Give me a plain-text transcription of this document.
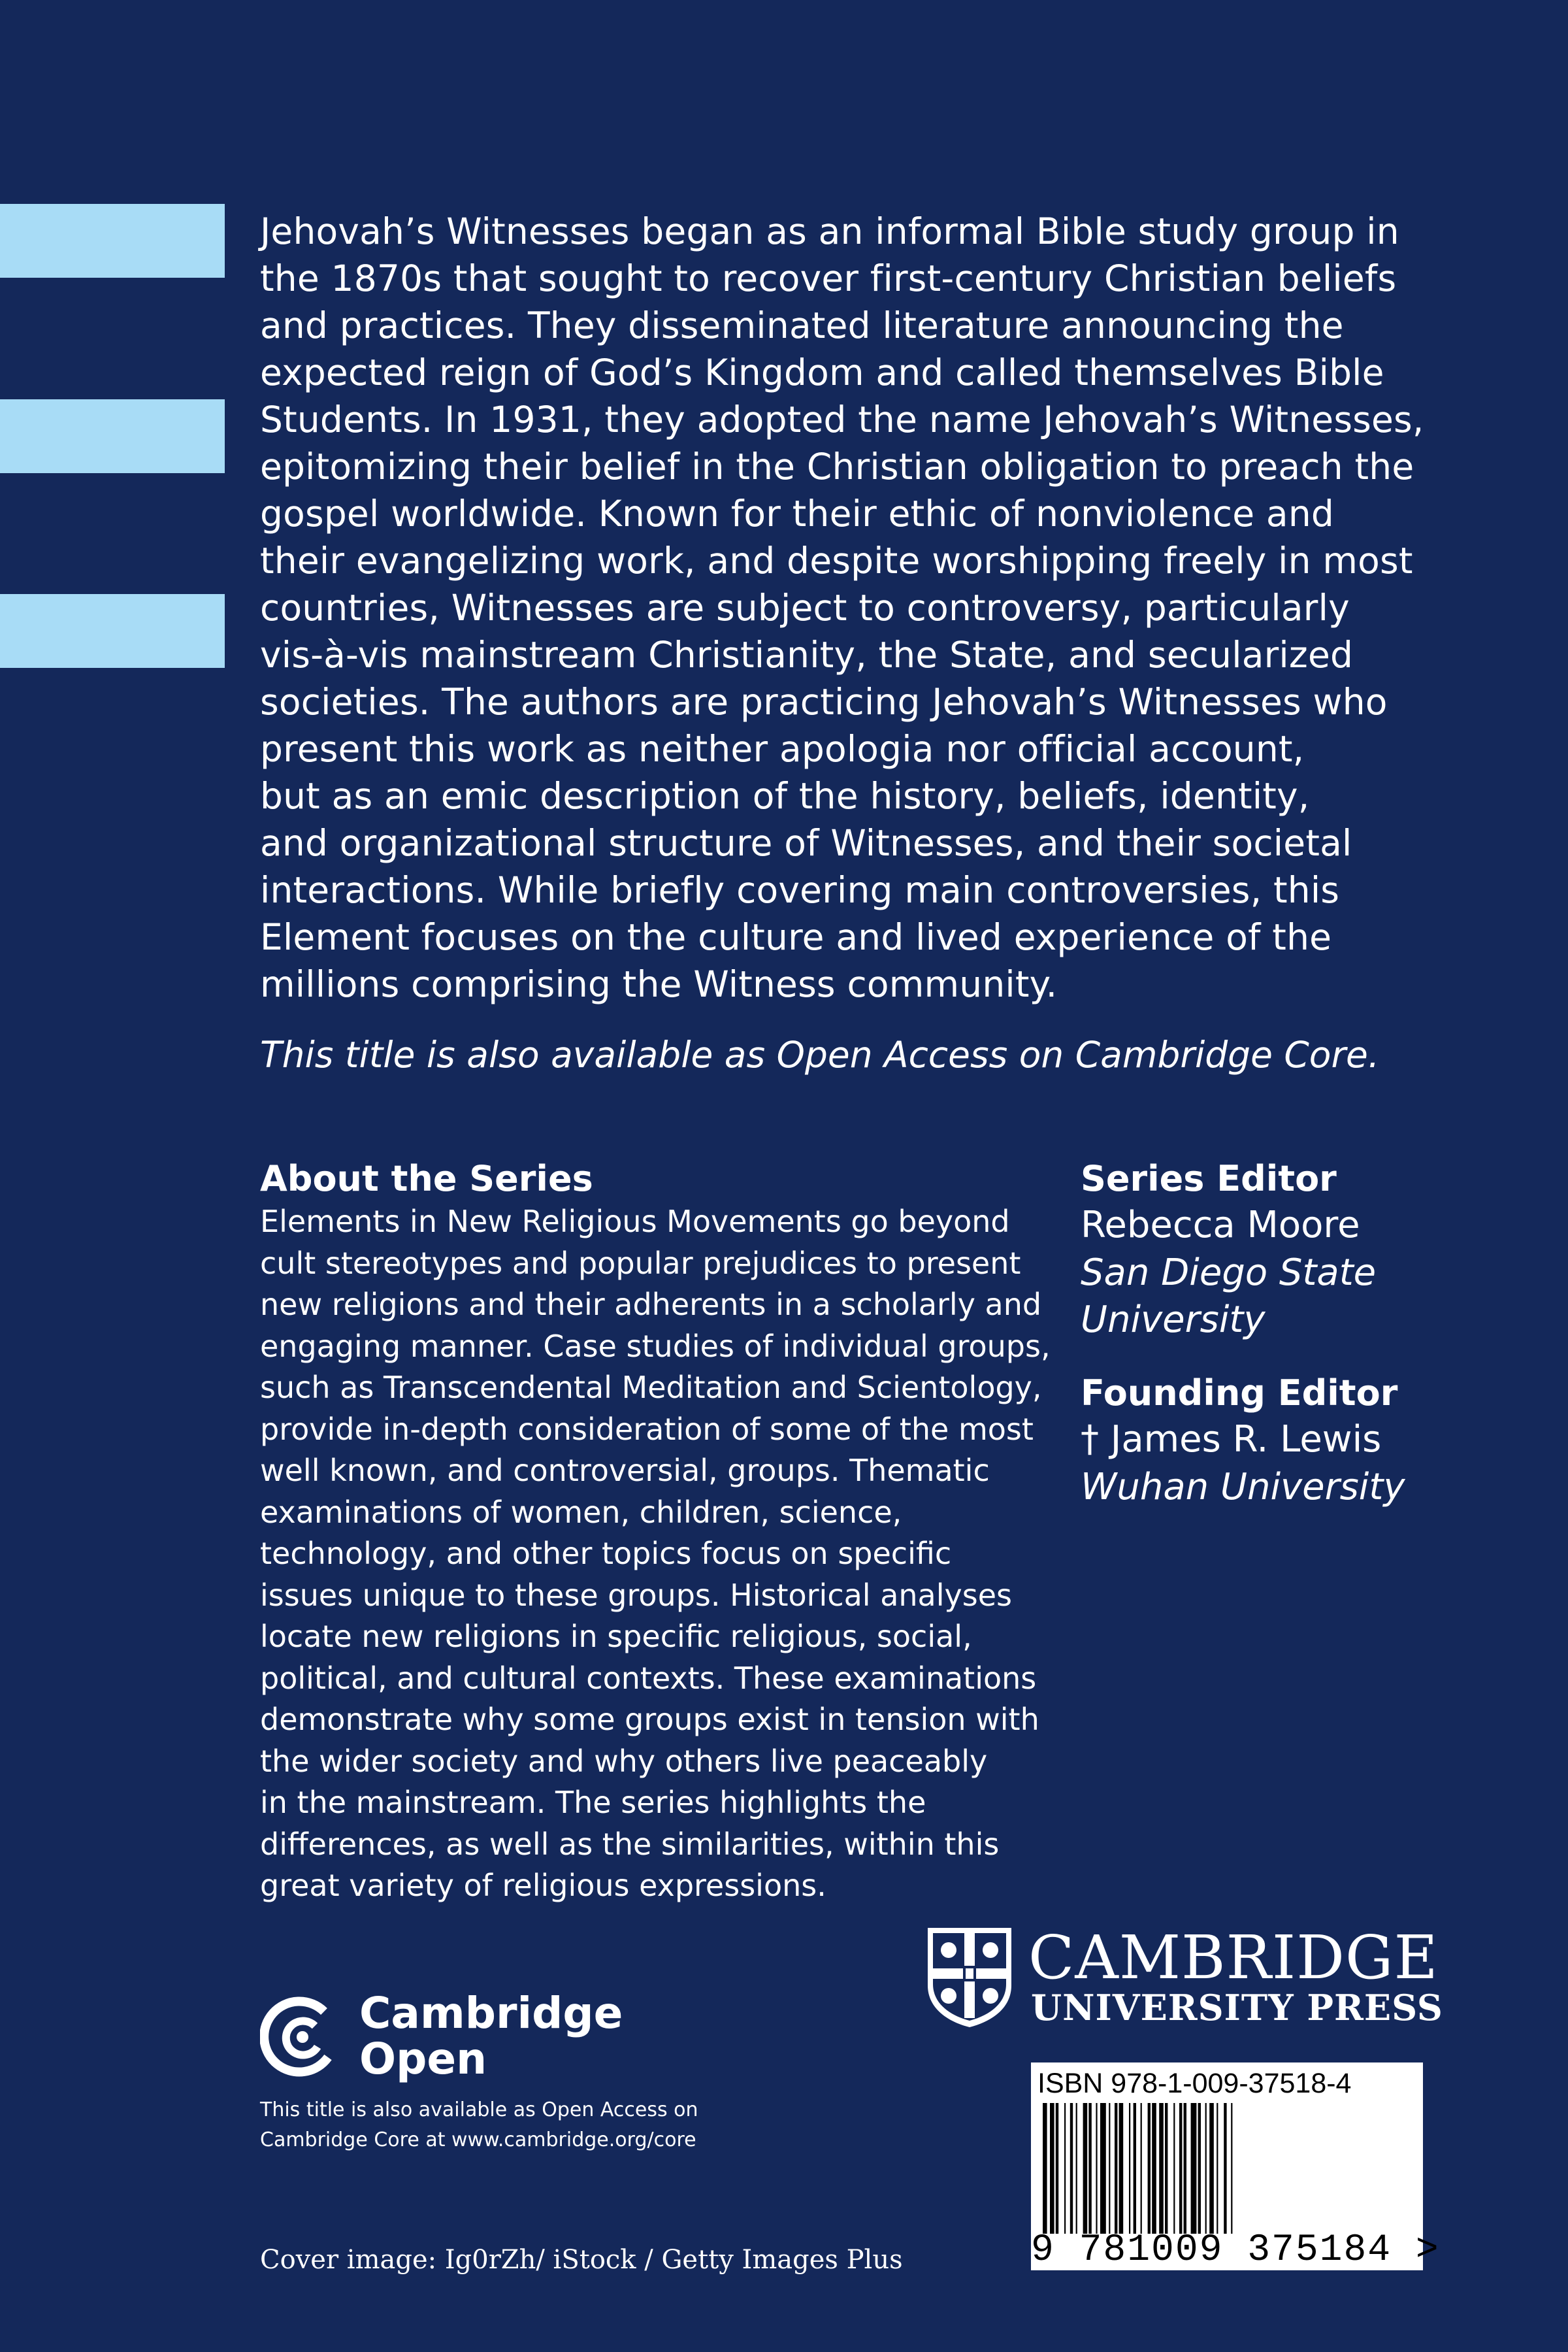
Jehovah’s Witnesses began as an informal Bible study group in
the 1870s that sought to recover first-century Christian beliefs
and practices. They disseminated literature announcing the
expected reign of God’s Kingdom and called themselves Bible
Students. In 1931, they adopted the name Jehovah’s Witnesses,
epitomizing their belief in the Christian obligation to preach the
gospel worldwide. Known for their ethic of nonviolence and
their evangelizing work, and despite worshipping freely in most
countries, Witnesses are subject to controversy, particularly
vis-à-vis mainstream Christianity, the State, and secularized
societies. The authors are practicing Jehovah’s Witnesses who
present this work as neither apologia nor official account,
but as an emic description of the history, beliefs, identity,
and organizational structure of Witnesses, and their societal
interactions. While briefly covering main controversies, this
Element focuses on the culture and lived experience of the
millions comprising the Witness community.

This title is also available as Open Access on Cambridge Core.

About the Series

Elements in New Religious Movements go beyond
cult stereotypes and popular prejudices to present
new religions and their adherents in a scholarly and
engaging manner. Case studies of individual groups,
such as Transcendental Meditation and Scientology,
provide in-depth consideration of some of the most
well known, and controversial, groups. Thematic
examinations of women, children, science,
technology, and other topics focus on specific
issues unique to these groups. Historical analyses
locate new religions in specific religious, social,
political, and cultural contexts. These examinations
demonstrate why some groups exist in tension with
the wider society and why others live peaceably
in the mainstream. The series highlights the
differences, as well as the similarities, within this
great variety of religious expressions.

Series Editor

Rebecca Moore

San Diego State
University

Founding Editor

† James R. Lewis

Wuhan University

CAMBRIDGE
UNIVERSITY PRESS
Cambridge
Open

This title is also available as Open Access on
Cambridge Core at www.cambridge.org/core

Cover image: Ig0rZh/ iStock / Getty Images Plus

ISBN 978-1-009-37518-4
9 781009 375184 >
